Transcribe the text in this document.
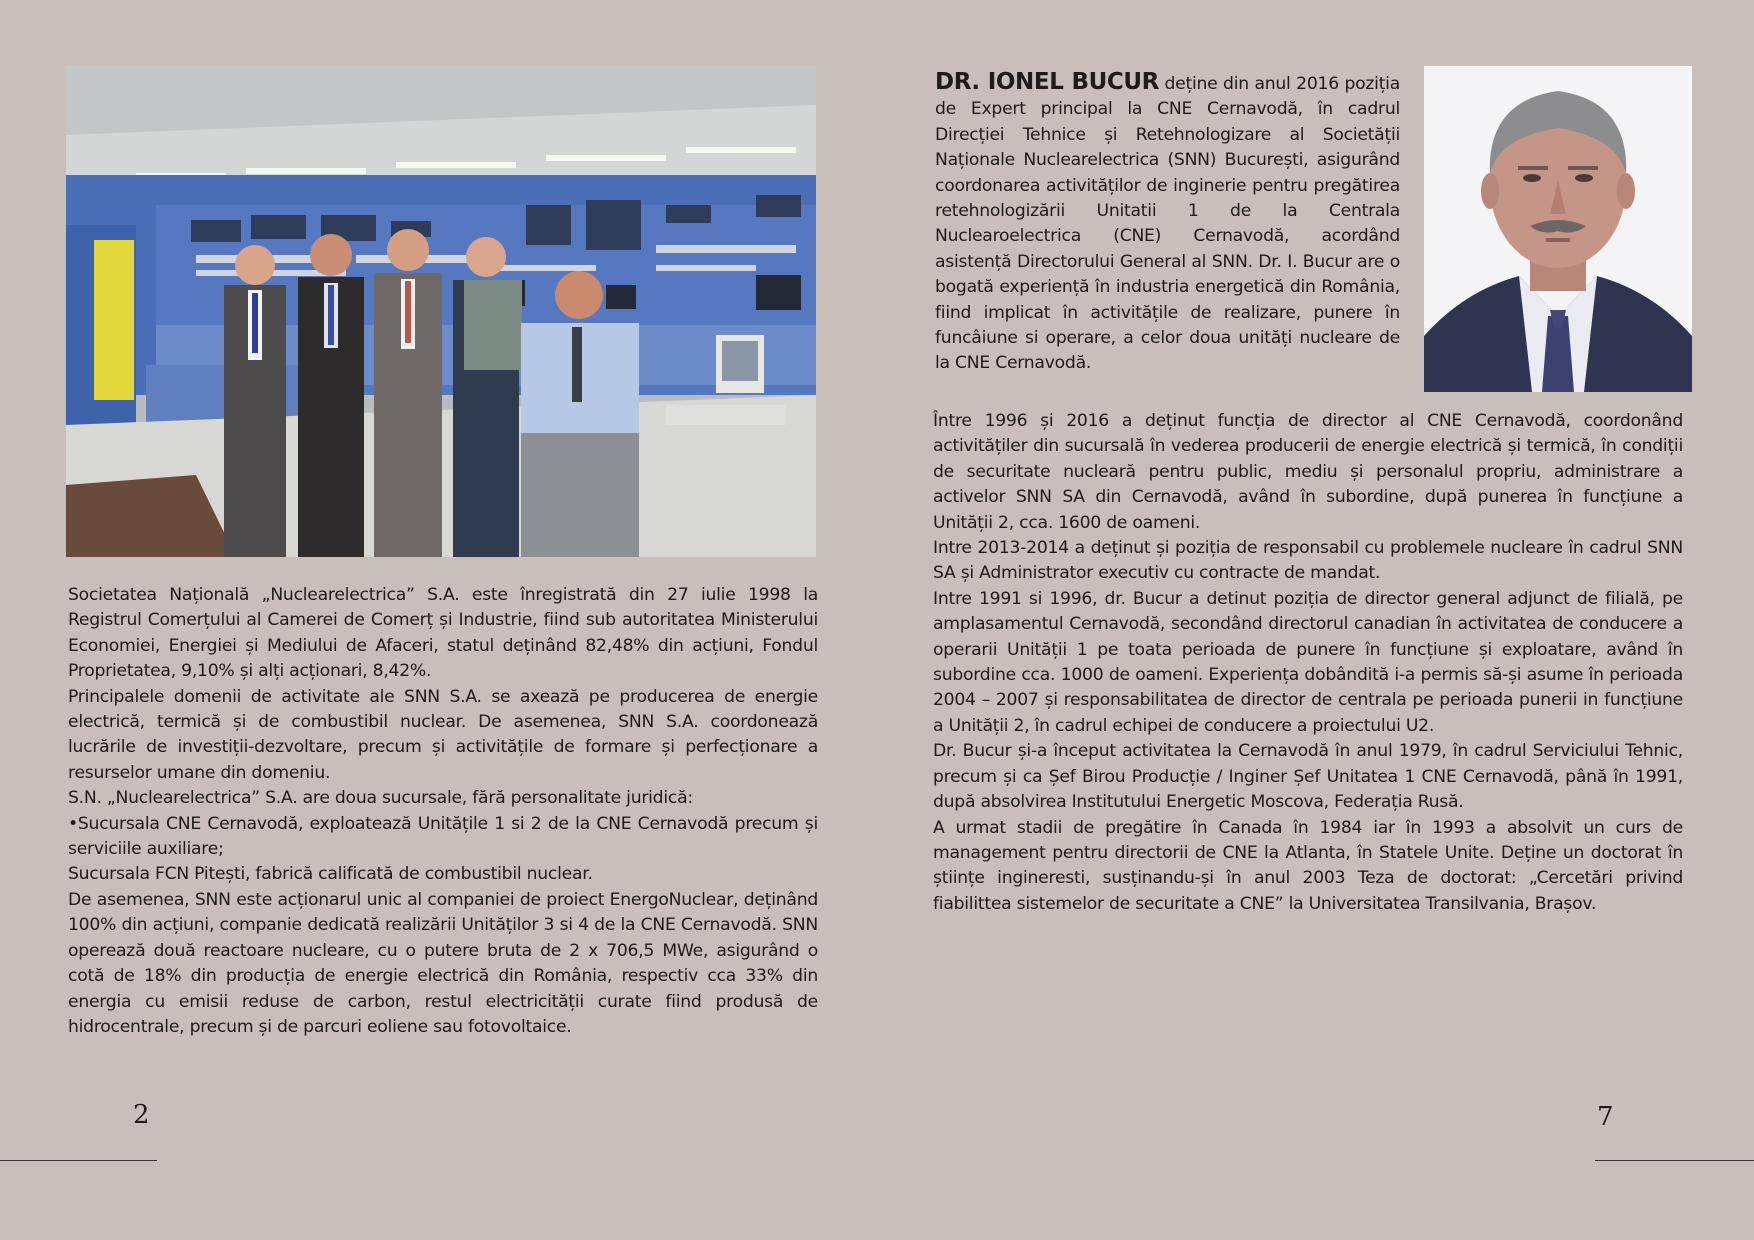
Societatea Națională „Nuclearelectrica” S.A. este înregistrată din 27 iulie 1998 la Registrul Comerțului al Camerei de Comerț și Industrie, fiind sub autoritatea Ministerului Economiei, Energiei și Mediului de Afaceri, statul deținând 82,48% din acțiuni, Fondul Proprietatea, 9,10% și alți acționari, 8,42%.

Principalele domenii de activitate ale SNN S.A. se axează pe producerea de energie electrică, termică și de combustibil nuclear. De asemenea, SNN S.A. coordonează lucrările de investiții-dezvoltare, precum și activitățile de formare și perfecționare a resurselor umane din domeniu.

S.N. „Nuclearelectrica” S.A. are doua sucursale, fără personalitate juridică:

•Sucursala CNE Cernavodă, exploatează Unitățile 1 si 2 de la CNE Cernavodă precum și serviciile auxiliare;

Sucursala FCN Pitești, fabrică calificată de combustibil nuclear.

De asemenea, SNN este acționarul unic al companiei de proiect EnergoNuclear, deținând 100% din acțiuni, companie dedicată realizării Unităților 3 si 4 de la CNE Cernavodă. SNN operează două reactoare nucleare, cu o putere bruta de 2 x 706,5 MWe, asigurând o cotă de 18% din producția de energie electrică din România, respectiv cca 33% din energia cu emisii reduse de carbon, restul electricității curate fiind produsă de hidrocentrale, precum și de parcuri eoliene sau fotovoltaice.

2

DR. IONEL BUCUR deține din anul 2016 poziția de Expert principal la CNE Cernavodă, în cadrul Direcției Tehnice și Retehnologizare al Societății Naționale Nuclearelectrica (SNN) București, asigurând coordonarea activităților de inginerie pentru pregătirea retehnologizării Unitatii 1 de la Centrala Nuclearoelectrica (CNE) Cernavodă, acordând asistență Directorului General al SNN. Dr. I. Bucur are o bogată experiență în industria energetică din România, fiind implicat în activitățile de realizare, punere în funcâiune si operare, a celor doua unități nucleare de la CNE Cernavodă.

Între 1996 și 2016 a deținut funcția de director al CNE Cernavodă, coordonând activitățiler din sucursală în vederea producerii de energie electrică și termică, în condiții de securitate nucleară pentru public, mediu și personalul propriu, administrare a activelor SNN SA din Cernavodă, având în subordine, după punerea în funcțiune a Unității 2, cca. 1600 de oameni.

Intre 2013-2014 a deținut și poziția de responsabil cu problemele nucleare în cadrul SNN SA și Administrator executiv cu contracte de mandat.

Intre 1991 si 1996, dr. Bucur a detinut poziția de director general adjunct de filială, pe amplasamentul Cernavodă, secondând directorul canadian în activitatea de conducere a operarii Unității 1 pe toata perioada de punere în funcțiune și exploatare, având în subordine cca. 1000 de oameni. Experiența dobândită i-a permis să-și asume în perioada 2004 – 2007 și responsabilitatea de director de centrala pe perioada punerii in funcțiune a Unității 2, în cadrul echipei de conducere a proiectului U2.

Dr. Bucur și-a început activitatea la Cernavodă în anul 1979, în cadrul Serviciului Tehnic, precum și ca Șef Birou Producție / Inginer Șef Unitatea 1 CNE Cernavodă, până în 1991, după absolvirea Institutului Energetic Moscova, Federația Rusă.

A urmat stadii de pregătire în Canada în 1984 iar în 1993 a absolvit un curs de management pentru directorii de CNE la Atlanta, în Statele Unite. Deține un doctorat în științe ingineresti, susținandu-și în anul 2003 Teza de doctorat: „Cercetări privind fiabilittea sistemelor de securitate a CNE” la Universitatea Transilvania, Brașov.

7
